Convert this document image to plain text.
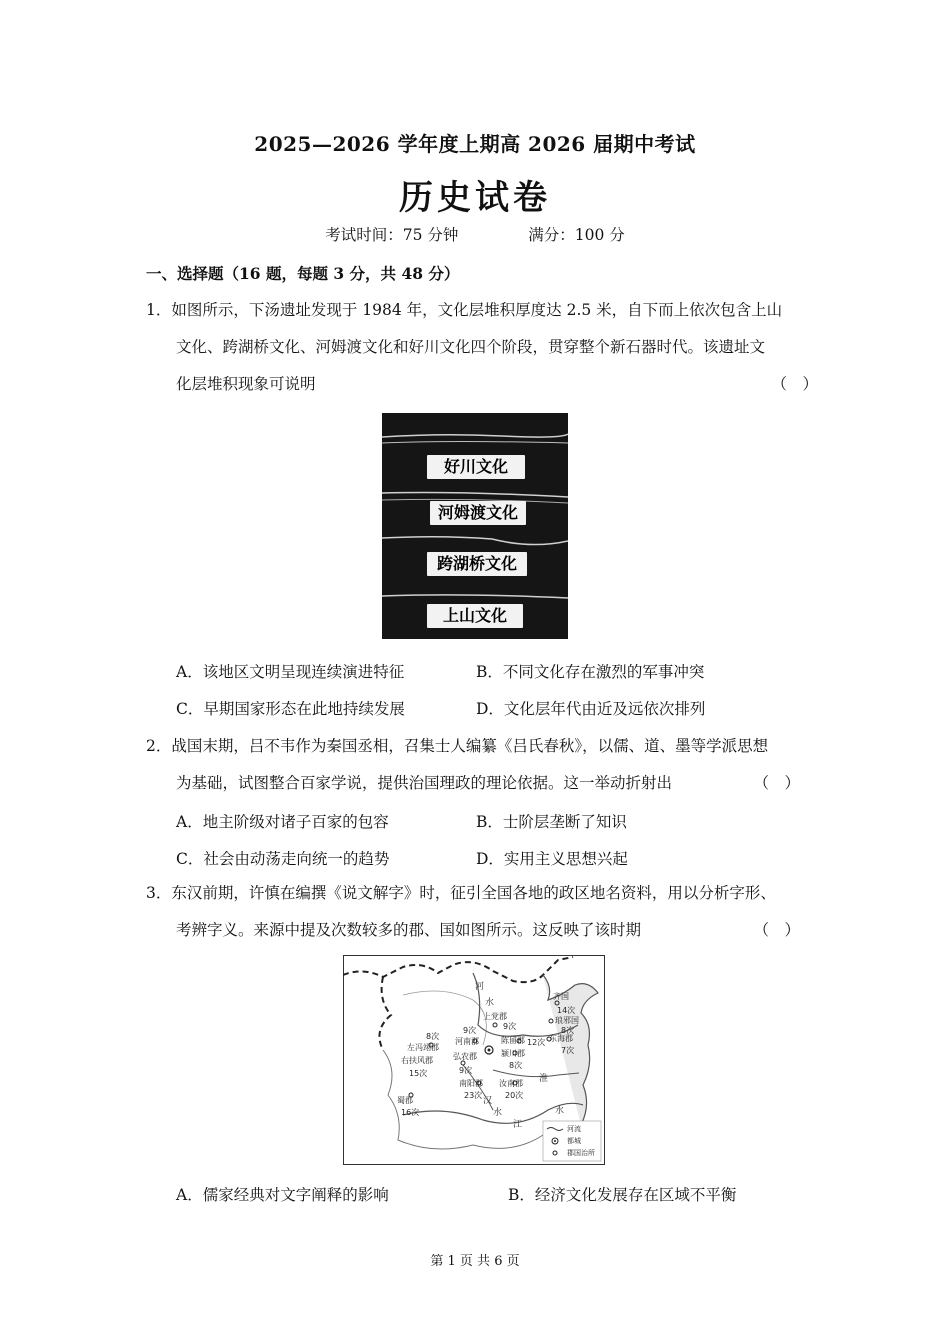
2025—2026 学年度上期高 2026 届期中考试
历史试卷
考试时间：75 分钟	满分：100 分
一、选择题（16 题，每题 3 分，共 48 分）
1．如图所示，下汤遗址发现于 1984 年，文化层堆积厚度达 2.5 米，自下而上依次包含上山
文化、跨湖桥文化、河姆渡文化和好川文化四个阶段，贯穿整个新石器时代。该遗址文
化层堆积现象可说明	（　）
好川文化
河姆渡文化
跨湖桥文化
上山文化
A．该地区文明呈现连续演进特征	B．不同文化存在激烈的军事冲突
C．早期国家形态在此地持续发展	D．文化层年代由近及远依次排列
2．战国末期，吕不韦作为秦国丞相，召集士人编纂《吕氏春秋》，以儒、道、墨等学派思想
为基础，试图整合百家学说，提供治国理政的理论依据。这一举动折射出	（　）
A．地主阶级对诸子百家的包容	B．士阶层垄断了知识
C．社会由动荡走向统一的趋势	D．实用主义思想兴起
3．东汉前期，许慎在编撰《说文解字》时，征引全国各地的政区地名资料，用以分析字形、
考辨字义。来源中提及次数较多的郡、国如图所示。这反映了该时期	（　）
上党郡
9次
9次
河南郡
右扶风郡
15次
8次
左冯翊郡
弘农郡
9次
南阳郡
23次
汝南郡
20次
颍川郡
8次
陈留郡 12次
齐国
14次
琅邪国
8次
东海郡
7次
蜀郡
16次
河
水
淮
汉
水
江
水
河流
都城
郡国治所
A．儒家经典对文字阐释的影响	B．经济文化发展存在区域不平衡
第 1 页 共 6 页
